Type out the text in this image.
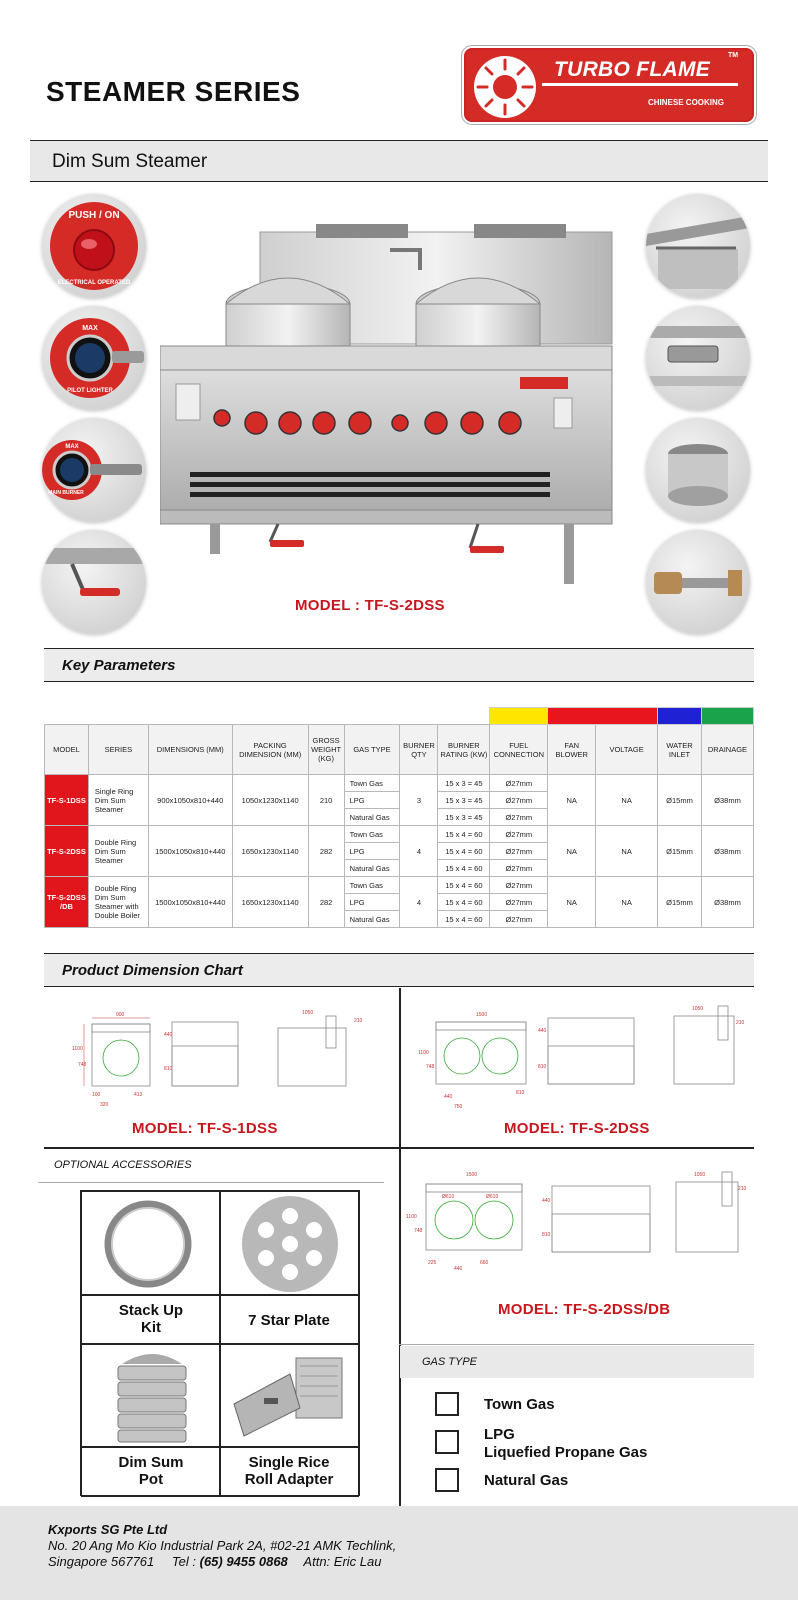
STEAMER SERIES
TURBO FLAME
TM
CHINESE COOKING
Dim Sum Steamer
PUSH / ON
ELECTRICAL OPERATED
MAX
PILOT LIGHTER
MAX
MAIN BURNER
MODEL : TF-S-2DSS
Key Parameters

MODEL	SERIES	DIMENSIONS (MM)	PACKING DIMENSION (MM)	GROSS WEIGHT (KG)	GAS TYPE	BURNER QTY	BURNER RATING (KW)	FUEL CONNECTION	FAN BLOWER	VOLTAGE	WATER INLET	DRAINAGE
TF-S-1DSS	Single Ring Dim Sum Steamer	900x1050x810+440	1050x1230x1140	210	Town Gas	3	15 x 3 = 45	Ø27mm	NA	NA	Ø15mm	Ø38mm
					LPG		15 x 3 = 45	Ø27mm				
					Natural Gas		15 x 3 = 45	Ø27mm				
TF-S-2DSS	Double Ring Dim Sum Steamer	1500x1050x810+440	1650x1230x1140	282	Town Gas	4	15 x 4 = 60	Ø27mm	NA	NA	Ø15mm	Ø38mm
					LPG		15 x 4 = 60	Ø27mm				
					Natural Gas		15 x 4 = 60	Ø27mm				
TF-S-2DSS /DB	Double Ring Dim Sum Steamer with Double Boiler	1500x1050x810+440	1650x1230x1140	282	Town Gas	4	15 x 4 = 60	Ø27mm	NA	NA	Ø15mm	Ø38mm
					LPG		15 x 4 = 60	Ø27mm				
					Natural Gas		15 x 4 = 60	Ø27mm				
Product Dimension Chart
900
1100
748
440
810
413
320
100
1050
210
MODEL: TF-S-1DSS
1500
1100
748
440
810
810
440
750
1050
210
MODEL: TF-S-2DSS
1500
1100
748
440
810
440
225	660
1050
210
Ø610	Ø610
MODEL: TF-S-2DSS/DB
OPTIONAL ACCESSORIES
Stack Up
Kit	7 Star Plate
Dim Sum
Pot
Single Rice
Roll Adapter
GAS TYPE
Town Gas
LPG
Liquefied Propane Gas
Natural Gas
Kxports SG Pte Ltd
No. 20 Ang Mo Kio Industrial Park 2A, #02-21 AMK Techlink,
Singapore 567761 Tel : (65) 9455 0868 Attn: Eric Lau
